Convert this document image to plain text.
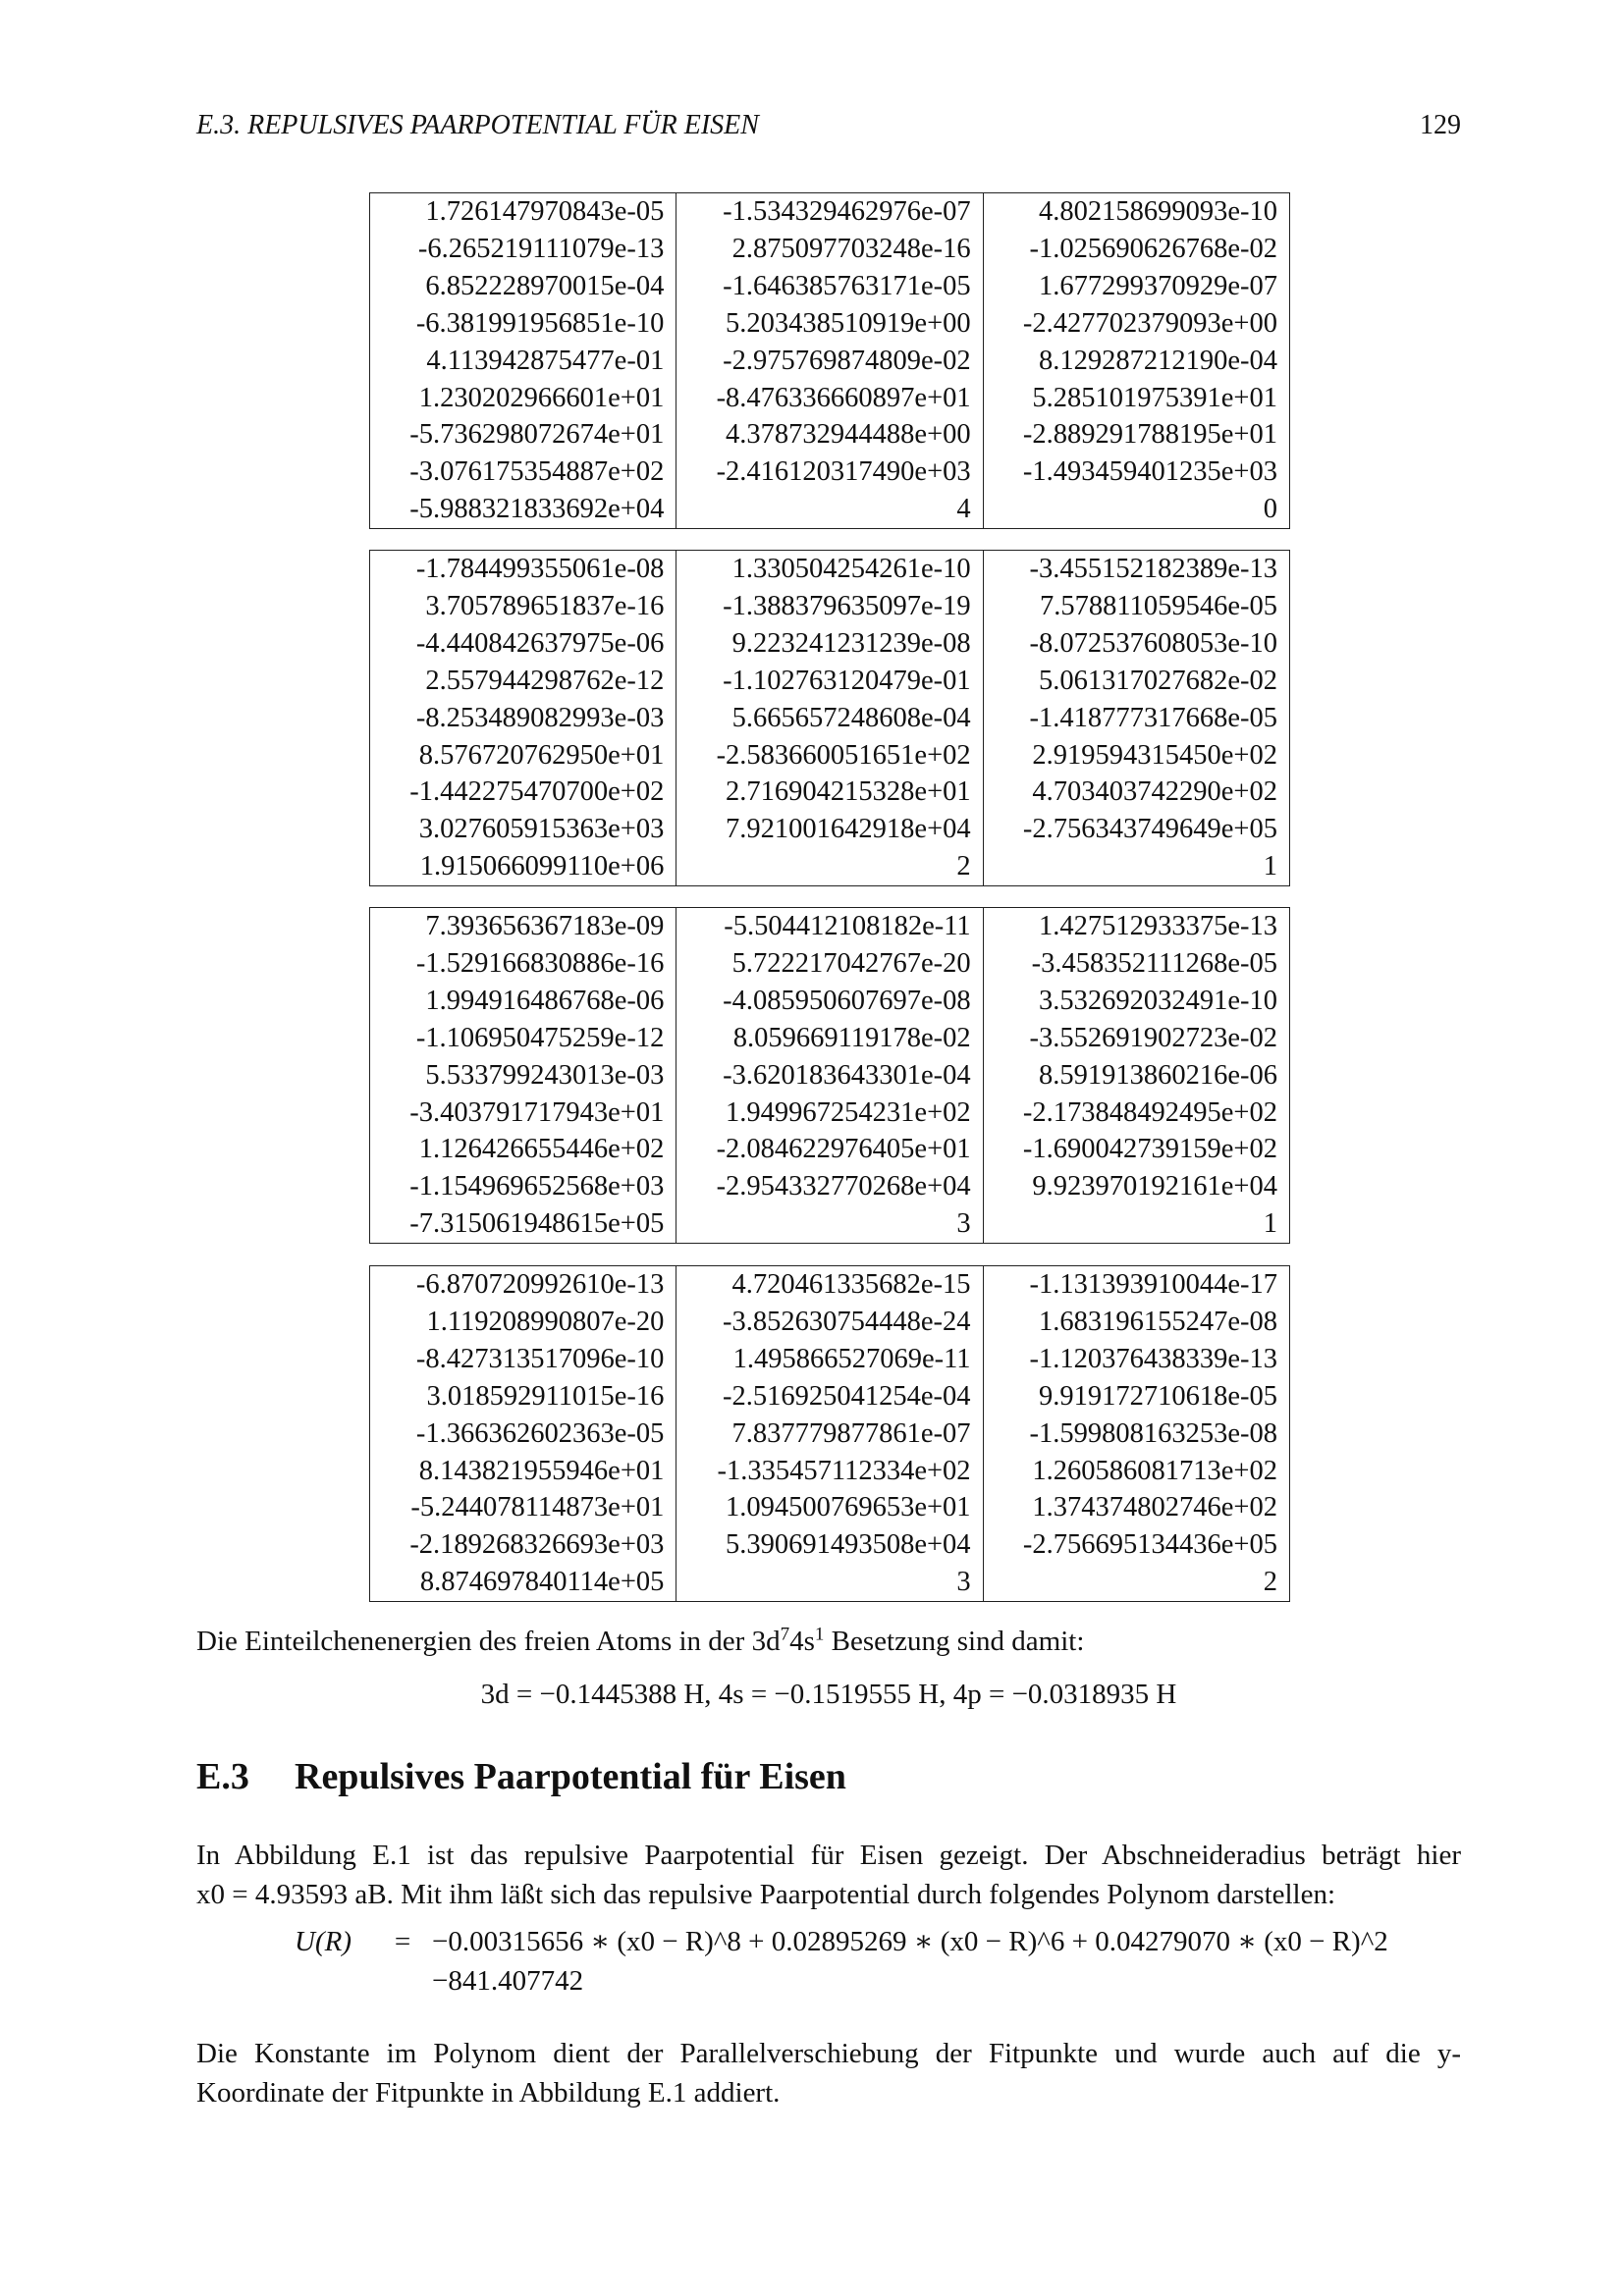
E.3. REPULSIVES PAARPOTENTIAL FÜR EISEN	129
1.726147970843e-05	-1.534329462976e-07	4.802158699093e-10
-6.265219111079e-13	2.875097703248e-16	-1.025690626768e-02
6.852228970015e-04	-1.646385763171e-05	1.677299370929e-07
-6.381991956851e-10	5.203438510919e+00	-2.427702379093e+00
4.113942875477e-01	-2.975769874809e-02	8.129287212190e-04
1.230202966601e+01	-8.476336660897e+01	5.285101975391e+01
-5.736298072674e+01	4.378732944488e+00	-2.889291788195e+01
-3.076175354887e+02	-2.416120317490e+03	-1.493459401235e+03
-5.988321833692e+04	4	0
-1.784499355061e-08	1.330504254261e-10	-3.455152182389e-13
3.705789651837e-16	-1.388379635097e-19	7.578811059546e-05
-4.440842637975e-06	9.223241231239e-08	-8.072537608053e-10
2.557944298762e-12	-1.102763120479e-01	5.061317027682e-02
-8.253489082993e-03	5.665657248608e-04	-1.418777317668e-05
8.576720762950e+01	-2.583660051651e+02	2.919594315450e+02
-1.442275470700e+02	2.716904215328e+01	4.703403742290e+02
3.027605915363e+03	7.921001642918e+04	-2.756343749649e+05
1.915066099110e+06	2	1
7.393656367183e-09	-5.504412108182e-11	1.427512933375e-13
-1.529166830886e-16	5.722217042767e-20	-3.458352111268e-05
1.994916486768e-06	-4.085950607697e-08	3.532692032491e-10
-1.106950475259e-12	8.059669119178e-02	-3.552691902723e-02
5.533799243013e-03	-3.620183643301e-04	8.591913860216e-06
-3.403791717943e+01	1.949967254231e+02	-2.173848492495e+02
1.126426655446e+02	-2.084622976405e+01	-1.690042739159e+02
-1.154969652568e+03	-2.954332770268e+04	9.923970192161e+04
-7.315061948615e+05	3	1
-6.870720992610e-13	4.720461335682e-15	-1.131393910044e-17
1.119208990807e-20	-3.852630754448e-24	1.683196155247e-08
-8.427313517096e-10	1.495866527069e-11	-1.120376438339e-13
3.018592911015e-16	-2.516925041254e-04	9.919172710618e-05
-1.366362602363e-05	7.837779877861e-07	-1.599808163253e-08
8.143821955946e+01	-1.335457112334e+02	1.260586081713e+02
-5.244078114873e+01	1.094500769653e+01	1.374374802746e+02
-2.189268326693e+03	5.390691493508e+04	-2.756695134436e+05
8.874697840114e+05	3	2
Die Einteilchenenergien des freien Atoms in der $3d^74s^1$ Besetzung sind damit:
3d = −0.1445388 H, 4s = −0.1519555 H, 4p = −0.0318935 H
E.3 Repulsives Paarpotential für Eisen
In Abbildung E.1 ist das repulsive Paarpotential für Eisen gezeigt. Der Abschneideradius beträgt hier
x0 = 4.93593 aB. Mit ihm läßt sich das repulsive Paarpotential durch folgendes Polynom darstellen:
U(R) = −0.00315656 ∗ (x0 − R)^8 + 0.02895269 ∗ (x0 − R)^6 + 0.04279070 ∗ (x0 − R)^2
−841.407742
Die Konstante im Polynom dient der Parallelverschiebung der Fitpunkte und wurde auch auf die y-
Koordinate der Fitpunkte in Abbildung E.1 addiert.
